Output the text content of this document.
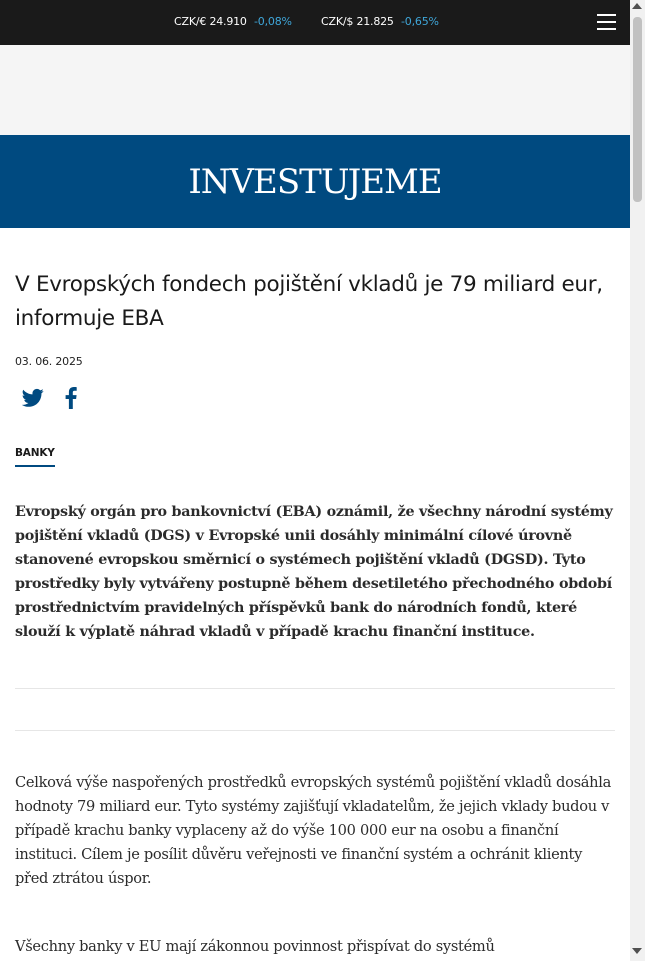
CZK/€ 24.910 -0,08%	CZK/$ 21.825 -0,65%
INVESTUJEME
V Evropských fondech pojištění vkladů je 79 miliard eur, informuje EBA
03. 06. 2025
BANKY

Evropský orgán pro bankovnictví (EBA) oznámil, že všechny národní systémy pojištění vkladů (DGS) v Evropské unii dosáhly minimální cílové úrovně stanovené evropskou směrnicí o systémech pojištění vkladů (DGSD). Tyto prostředky byly vytvářeny postupně během desetiletého přechodného období prostřednictvím pravidelných příspěvků bank do národních fondů, které slouží k výplatě náhrad vkladů v případě krachu finanční instituce.

Celková výše naspořených prostředků evropských systémů pojištění vkladů dosáhla hodnoty 79 miliard eur. Tyto systémy zajišťují vkladatelům, že jejich vklady budou v případě krachu banky vyplaceny až do výše 100 000 eur na osobu a finanční instituci. Cílem je posílit důvěru veřejnosti ve finanční systém a ochránit klienty před ztrátou úspor.

Všechny banky v EU mají zákonnou povinnost přispívat do systémů
